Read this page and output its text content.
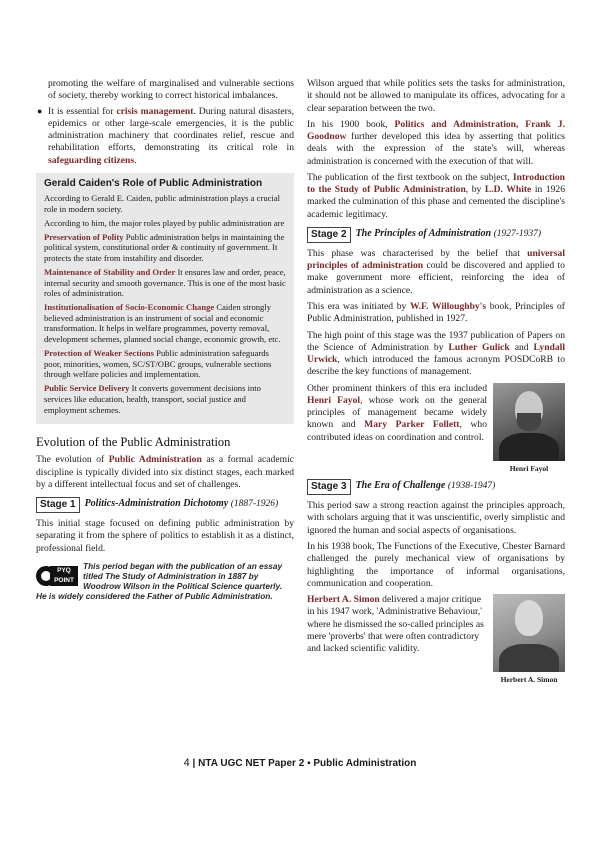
promoting the welfare of marginalised and vulnerable sections of society, thereby working to correct historical imbalances.

● It is essential for crisis management. During natural disasters, epidemics or other large-scale emergencies, it is the public administration machinery that coordinates relief, rescue and rehabilitation efforts, demonstrating its critical role in safeguarding citizens.

Gerald Caiden's Role of Public Administration

According to Gerald E. Caiden, public administration plays a crucial role in modern society.

According to him, the major roles played by public administration are

Preservation of Polity Public administration helps in maintaining the political system, constitutional order & continuity of government. It protects the state from instability and disorder.

Maintenance of Stability and Order It ensures law and order, peace, internal security and smooth governance. This is one of the most basic roles of administration.

Institutionalisation of Socio-Economic Change Caiden strongly believed administration is an instrument of social and economic transformation. It helps in welfare programmes, poverty removal, development schemes, planned social change, economic growth, etc.

Protection of Weaker Sections Public administration safeguards poor, minorities, women, SC/ST/OBC groups, vulnerable sections through welfare policies and implementation.

Public Service Delivery It converts government decisions into services like education, health, transport, social justice and employment schemes.

Evolution of the Public Administration

The evolution of Public Administration as a formal academic discipline is typically divided into six distinct stages, each marked by a different intellectual focus and set of challenges.

Stage 1 Politics-Administration Dichotomy (1887-1926)

This initial stage focused on defining public administration by separating it from the sphere of politics to establish it as a distinct, professional field.

PYQ
POINT
This period began with the publication of an essay titled The Study of Administration in 1887 by Woodrow Wilson in the Political Science quarterly. He is widely considered the Father of Public Administration.

Wilson argued that while politics sets the tasks for administration, it should not be allowed to manipulate its offices, advocating for a clear separation between the two.

In his 1900 book, Politics and Administration, Frank J. Goodnow further developed this idea by asserting that politics deals with the expression of the state's will, whereas administration is concerned with the execution of that will.

The publication of the first textbook on the subject, Introduction to the Study of Public Administration, by L.D. White in 1926 marked the culmination of this phase and cemented the discipline's academic legitimacy.

Stage 2 The Principles of Administration (1927-1937)

This phase was characterised by the belief that universal principles of administration could be discovered and applied to make government more efficient, reinforcing the idea of administration as a science.

This era was initiated by W.F. Willoughby's book, Principles of Public Administration, published in 1927.

The high point of this stage was the 1937 publication of Papers on the Science of Administration by Luther Gulick and Lyndall Urwick, which introduced the famous acronym POSDCoRB to describe the key functions of management.

Henri Fayol

Other prominent thinkers of this era included Henri Fayol, whose work on the general principles of management became widely known and Mary Parker Follett, who contributed ideas on coordination and control.

Stage 3 The Era of Challenge (1938-1947)

This period saw a strong reaction against the principles approach, with scholars arguing that it was unscientific, overly simplistic and ignored the human and social aspects of organisations.

In his 1938 book, The Functions of the Executive, Chester Barnard challenged the purely mechanical view of organisations by highlighting the importance of informal organisations, communication and cooperation.

Herbert A. Simon

Herbert A. Simon delivered a major critique in his 1947 work, 'Administrative Behaviour,' where he dismissed the so-called principles as mere 'proverbs' that were often contradictory and lacked scientific validity.

4 | NTA UGC NET Paper 2 ▪ Public Administration
